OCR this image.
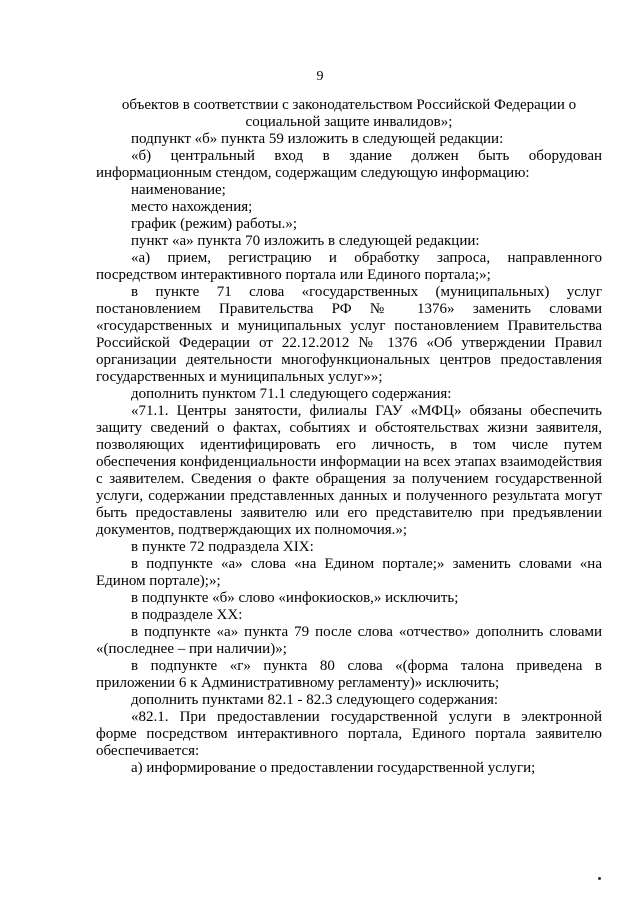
9

объектов в соответствии с законодательством Российской Федерации о социальной защите инвалидов»;

подпункт «б» пункта 59 изложить в следующей редакции:

«б) центральный вход в здание должен быть оборудован информационным стендом, содержащим следующую информацию:

наименование;

место нахождения;

график (режим) работы.»;

пункт «а» пункта 70 изложить в следующей редакции:

«а) прием, регистрацию и обработку запроса, направленного посредством интерактивного портала или Единого портала;»;

в пункте 71 слова «государственных (муниципальных) услуг постановлением Правительства РФ № 1376» заменить словами «государственных и муниципальных услуг постановлением Правительства Российской Федерации от 22.12.2012 № 1376 «Об утверждении Правил организации деятельности многофункциональных центров предоставления государственных и муниципальных услуг»»;

дополнить пунктом 71.1 следующего содержания:

«71.1. Центры занятости, филиалы ГАУ «МФЦ» обязаны обеспечить защиту сведений о фактах, событиях и обстоятельствах жизни заявителя, позволяющих идентифицировать его личность, в том числе путем обеспечения конфиденциальности информации на всех этапах взаимодействия с заявителем. Сведения о факте обращения за получением государственной услуги, содержании представленных данных и полученного результата могут быть предоставлены заявителю или его представителю при предъявлении документов, подтверждающих их полномочия.»;

в пункте 72 подраздела XIX:

в подпункте «а» слова «на Едином портале;» заменить словами «на Едином портале);»;

в подпункте «б» слово «инфокиосков,» исключить;

в подразделе XX:

в подпункте «а» пункта 79 после слова «отчество» дополнить словами «(последнее – при наличии)»;

в подпункте «г» пункта 80 слова «(форма талона приведена в приложении 6 к Административному регламенту)» исключить;

дополнить пунктами 82.1 - 82.3 следующего содержания:

«82.1. При предоставлении государственной услуги в электронной форме посредством интерактивного портала, Единого портала заявителю обеспечивается:

а) информирование о предоставлении государственной услуги;
